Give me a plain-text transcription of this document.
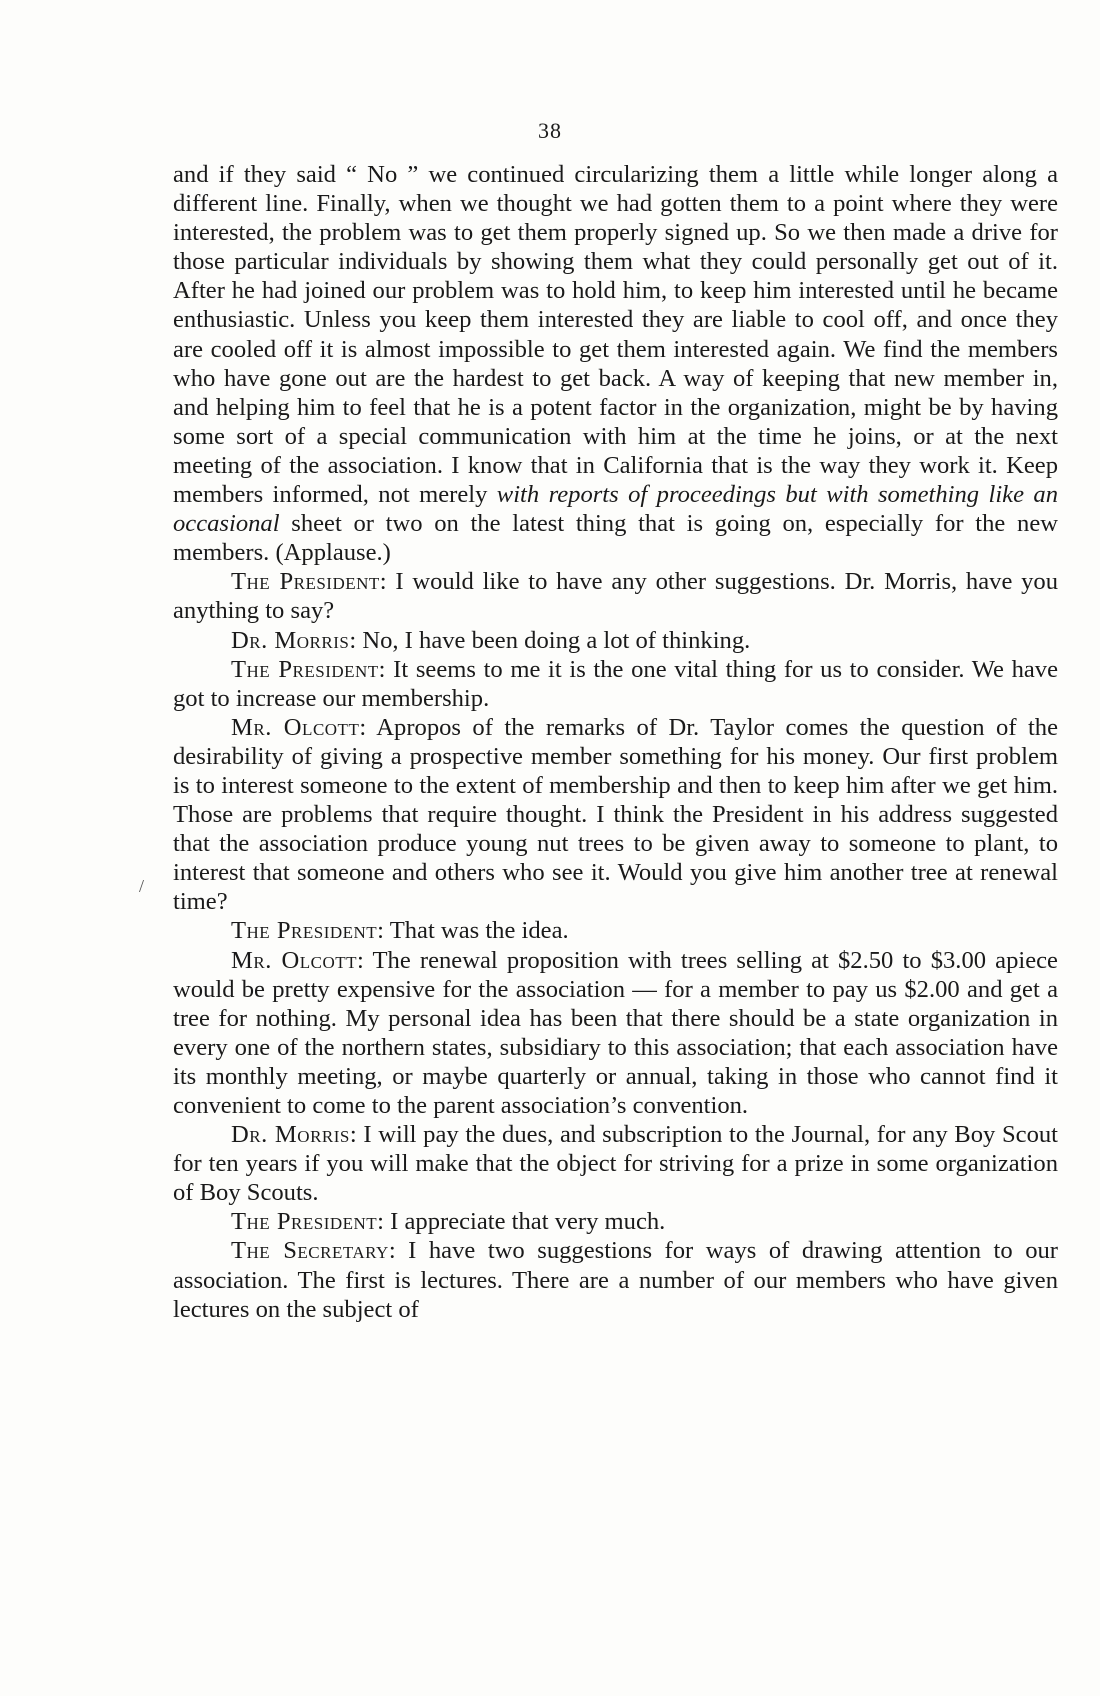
38
/

and if they said “ No ” we continued circularizing them a little while longer along a different line. Finally, when we thought we had gotten them to a point where they were interested, the problem was to get them properly signed up. So we then made a drive for those particular individuals by showing them what they could personally get out of it. After he had joined our problem was to hold him, to keep him interested until he became enthusiastic. Unless you keep them interested they are liable to cool off, and once they are cooled off it is almost impossible to get them interested again. We find the members who have gone out are the hardest to get back. A way of keeping that new member in, and helping him to feel that he is a potent factor in the organization, might be by having some sort of a special communication with him at the time he joins, or at the next meeting of the association. I know that in California that is the way they work it. Keep members informed, not merely with reports of proceedings but with something like an occasional sheet or two on the latest thing that is going on, especially for the new members. (Applause.)

The President: I would like to have any other suggestions. Dr. Morris, have you anything to say?

Dr. Morris: No, I have been doing a lot of thinking.

The President: It seems to me it is the one vital thing for us to consider. We have got to increase our membership.

Mr. Olcott: Apropos of the remarks of Dr. Taylor comes the question of the desirability of giving a prospective member something for his money. Our first problem is to interest someone to the extent of membership and then to keep him after we get him. Those are problems that require thought. I think the President in his address suggested that the association produce young nut trees to be given away to someone to plant, to interest that someone and others who see it. Would you give him another tree at renewal time?

The President: That was the idea.

Mr. Olcott: The renewal proposition with trees selling at $2.50 to $3.00 apiece would be pretty expensive for the association — for a member to pay us $2.00 and get a tree for nothing. My personal idea has been that there should be a state organization in every one of the northern states, subsidiary to this association; that each association have its monthly meeting, or maybe quarterly or annual, taking in those who cannot find it convenient to come to the parent association’s convention.

Dr. Morris: I will pay the dues, and subscription to the Journal, for any Boy Scout for ten years if you will make that the object for striving for a prize in some organization of Boy Scouts.

The President: I appreciate that very much.

The Secretary: I have two suggestions for ways of drawing attention to our association. The first is lectures. There are a number of our members who have given lectures on the subject of
